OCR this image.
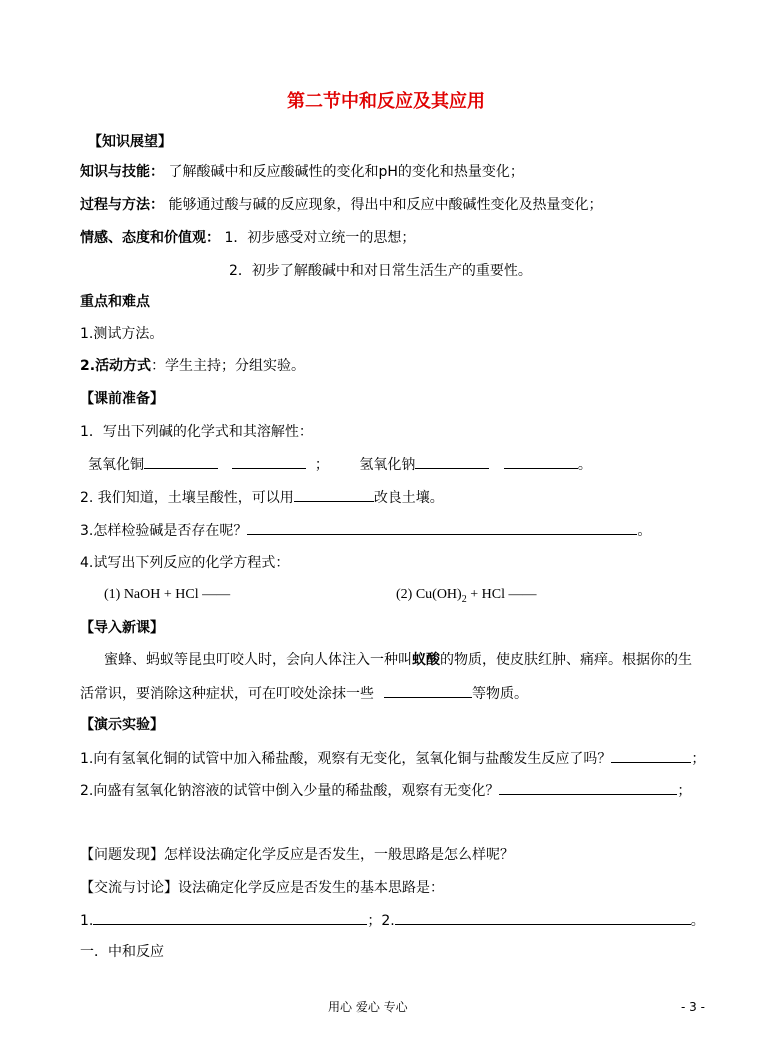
第二节中和反应及其应用
【知识展望】
知识与技能： 了解酸碱中和反应酸碱性的变化和pH的变化和热量变化；
过程与方法： 能够通过酸与碱的反应现象，得出中和反应中酸碱性变化及热量变化；
情感、态度和价值观： 1．初步感受对立统一的思想；
2．初步了解酸碱中和对日常生活生产的重要性。
重点和难点
1.测试方法。
2.活动方式：学生主持；分组实验。
【课前准备】
1．写出下列碱的化学式和其溶解性：
氢氧化铜	； 氢氧化钠	。
2. 我们知道，土壤呈酸性，可以用	改良土壤。
3.怎样检验碱是否存在呢？	。
4.试写出下列反应的化学方程式：
(1) NaOH + HCl ——	(2) $Cu(OH)_2$ + HCl ——
【导入新课】
蜜蜂、蚂蚁等昆虫叮咬人时，会向人体注入一种叫蚁酸的物质，使皮肤红肿、痛痒。根据你的生
活常识，要消除这种症状，可在叮咬处涂抹一些	等物质。
【演示实验】
1.向有氢氧化铜的试管中加入稀盐酸，观察有无变化，氢氧化铜与盐酸发生反应了吗？	；
2.向盛有氢氧化钠溶液的试管中倒入少量的稀盐酸，观察有无变化？	；
【问题发现】怎样设法确定化学反应是否发生，一般思路是怎么样呢？
【交流与讨论】设法确定化学反应是否发生的基本思路是：
1.	；2.	。
一．中和反应
用心 爱心 专心	- 3 -
